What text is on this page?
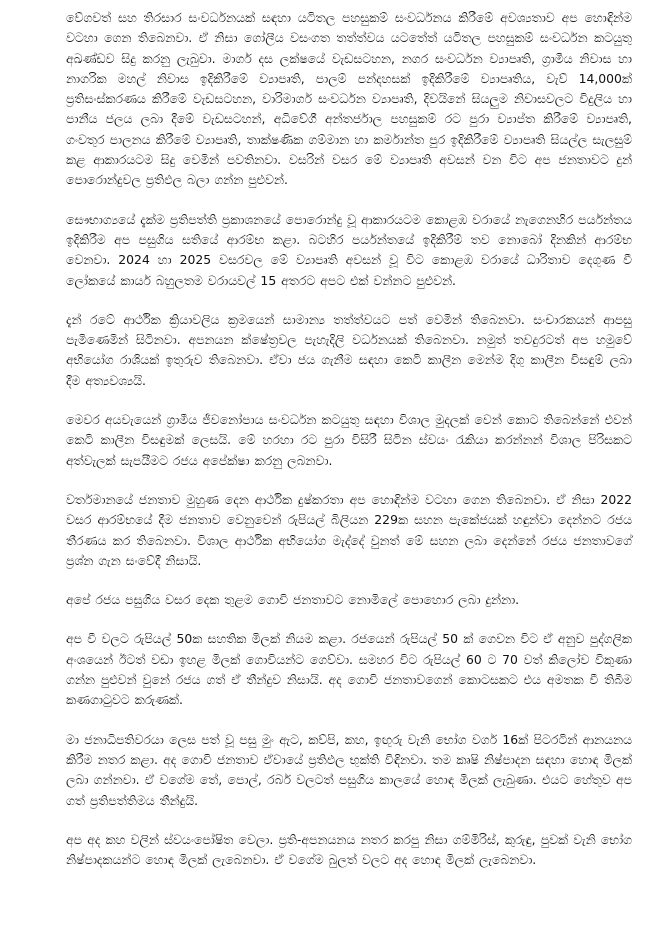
වේගවත් සහ තිරසාර සංවර්ධනයක් සඳහා යටිතල පහසුකම් සංවර්ධනය කිරීමේ අවශ්‍යතාව අප හොඳින්ම වටහා ගෙන තිබෙනවා. ඒ නිසා ගෝලීය වසංගත තත්ත්වය යටතේත් යටිතල පහසුකම් සංවර්ධන කටයුතු අඛණ්ඩව සිදු කරනු ලැබුවා. මාර්ග දස ලක්ෂයේ වැඩසටහන, නගර සංවර්ධන ව්‍යාපෘති, ග්‍රාමීය නිවාස හා නාගරික මහල් නිවාස ඉදිකිරීමේ ව්‍යාපෘති, පාලම් පන්දහසක් ඉදිකිරීමේ ව්‍යාපෘතිය, වැව් 14,000ක් ප්‍රතිසංස්කරණය කිරීමේ වැඩසටහන, වාරිමාර්ග සංවර්ධන ව්‍යාපෘති, දිවයිනේ සියලුම නිවාසවලට විදුලිය හා පානීය ජලය ලබා දීමේ වැඩසටහන්, අධිවේගී අන්තර්ජාල පහසුකම් රට පුරා ව්‍යාප්ත කිරීමේ ව්‍යාපෘති, ගංවතුර පාලනය කිරීමේ ව්‍යාපෘති, තාක්ෂණික ගම්මාන හා කර්මාන්ත පුර ඉදිකිරීමේ ව්‍යාපෘති සියල්ල සැලසුම් කළ ආකාරයටම සිදු වෙමින් පවතිනවා. වසරින් වසර මේ ව්‍යාපෘති අවසන් වන විට අප ජනතාවට දුන් පොරොන්දුවල ප්‍රතිඵල බලා ගන්න පුළුවන්.

සෞභාග්‍යයේ දැක්ම ප්‍රතිපත්ති ප්‍රකාශනයේ පොරොන්දු වූ ආකාරයටම කොළඹ වරායේ නැගෙනහිර පර්යන්තය ඉදිකිරීම අප පසුගිය සතියේ ආරම්භ කළා. බටහිර පර්යන්තයේ ඉදිකිරීම් තව නොබෝ දිනකින් ආරම්භ වෙනවා. 2024 හා 2025 වසරවල මේ ව්‍යාපෘති අවසන් වූ විට කොළඹ වරායේ ධාරිතාව දෙගුණ වී ලෝකයේ කාර්ය බහුලතම වරායවල් 15 අතරට අපට එක් වන්නට පුළුවන්.

දැන් රටේ ආර්ථික ක්‍රියාවලිය ක්‍රමයෙන් සාමාන්‍ය තත්ත්වයට පත් වෙමින් තිබෙනවා. සංචාරකයන් ආපසු පැමිණෙමින් සිටිනවා. අපනයන ක්ෂේත්‍රවල පැහැදිලි වර්ධනයක් තිබෙනවා. නමුත් තවදුරටත් අප හමුවේ අභියෝග රාශියක් ඉතුරුව තිබෙනවා. ඒවා ජය ගැනීම සඳහා කෙටි කාලීන මෙන්ම දිගු කාලීන විසඳුම් ලබා දීම අත්‍යවශ්‍යයි.

මෙවර අයවැයෙන් ග්‍රාමීය ජීවනෝපාය සංවර්ධන කටයුතු සඳහා විශාල මුදලක් වෙන් කොට තිබෙන්නේ එවන් කෙටි කාලීන විසඳුමක් ලෙසයි. මේ හරහා රට පුරා විසිරී සිටින ස්වයං රැකියා කරන්නන් විශාල පිරිසකට අත්වැලක් සැපයීමට රජය අපේක්ෂා කරනු ලබනවා.

වර්තමානයේ ජනතාව මුහුණ දෙන ආර්ථික දුෂ්කරතා අප හොඳින්ම වටහා ගෙන තිබෙනවා. ඒ නිසා 2022 වසර ආරම්භයේ දීම ජනතාව වෙනුවෙන් රුපියල් බිලියන 229ක සහන පැකේජයක් හඳුන්වා දෙන්නට රජය තීරණය කර තිබෙනවා. විශාල ආර්ථික අභියෝග මැද්දේ වුනත් මේ සහන ලබා දෙන්නේ රජය ජනතාවගේ ප්‍රශ්න ගැන සංවේදී නිසායි.

අපේ රජය පසුගිය වසර දෙක තුළම ගොවි ජනතාවට නොමිලේ පොහොර ලබා දුන්නා.

අප වී වලට රුපියල් 50ක සහතික මිලක් නියම කළා. රජයෙන් රුපියල් 50 ක් ගෙවන විට ඒ අනුව පුද්ගලික අංශයෙන් ඊටත් වඩා ඉහළ මිලක් ගොවියන්ට ගෙව්වා. සමහර විට රුපියල් 60 ට 70 වත් කිලෝව විකුණා ගන්න පුළුවන් වුනේ රජය ගත් ඒ තීන්දුව නිසායි. අද ගොවි ජනතාවගෙන් කොටසකට එය අමතක වී තිබීම කණගාටුවට කරුණක්.

මා ජනාධිපතිවරයා ලෙස පත් වූ පසු මුං ඇට, කව්පි, කහ, ඉඟුරු වැනි භෝග වර්ග 16ක් පිටරටින් ආනයනය කිරීම නතර කළා. අද ගොවි ජනතාව ඒවායේ ප්‍රතිඵල භුක්ති විඳිනවා. තම කෘෂි නිෂ්පාදන සඳහා හොඳ මිලක් ලබා ගන්නවා. ඒ වගේම තේ, පොල්, රබර් වලටත් පසුගිය කාලයේ හොඳ මිලක් ලැබුණා. එයට හේතුව අප ගත් ප්‍රතිපත්තිමය තීන්දුයි.

අප අද කහ වලින් ස්වයංපෝෂිත වෙලා. ප්‍රති-අපනයනය නතර කරපු නිසා ගම්මිරිස්, කුරුඳු, පුවක් වැනි භෝග නිෂ්පාදකයන්ට හොඳ මිලක් ලැබෙනවා. ඒ වගේම බුලත් වලට අද හොඳ මිලක් ලැබෙනවා.
